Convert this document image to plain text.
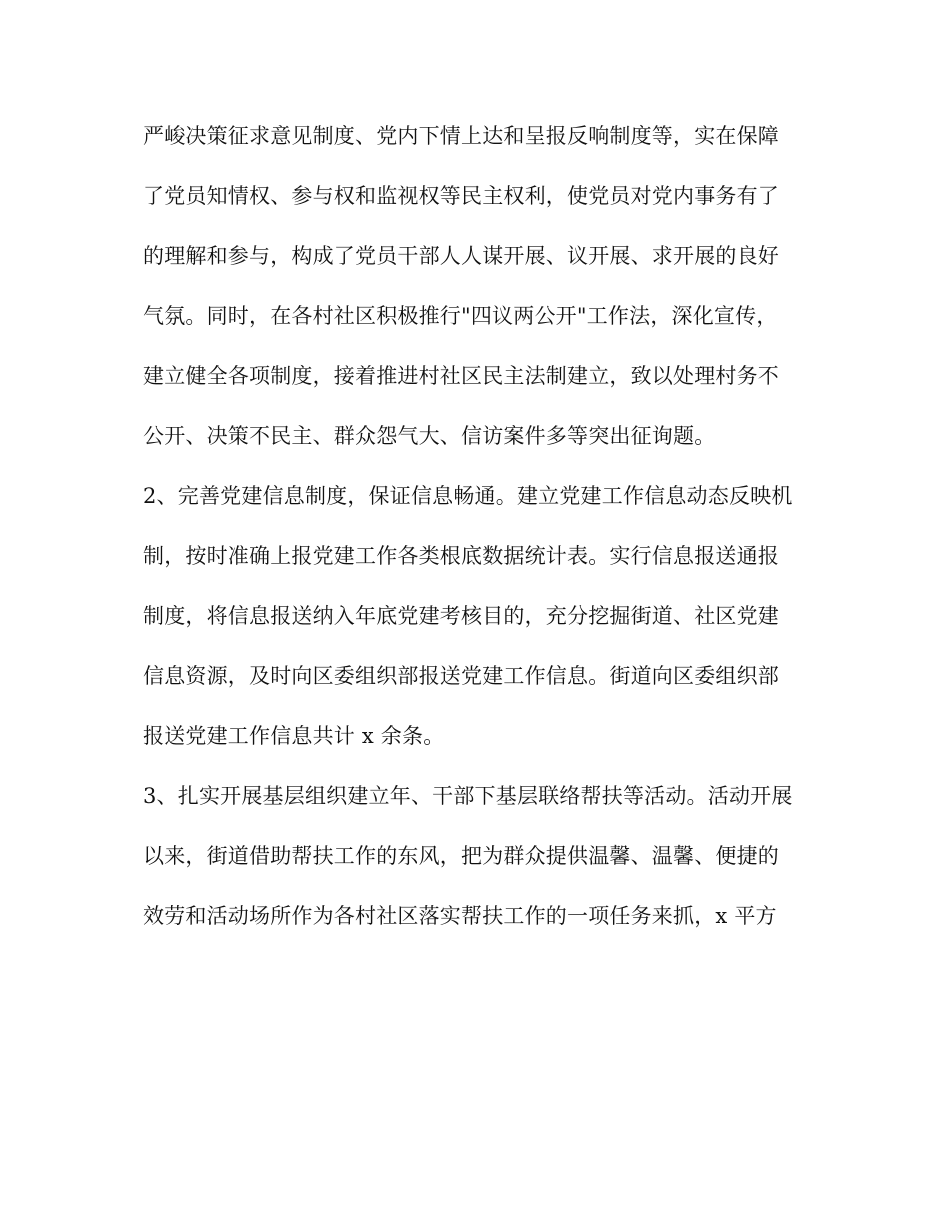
严峻决策征求意见制度、党内下情上达和呈报反响制度等，实在保障
了党员知情权、参与权和监视权等民主权利，使党员对党内事务有了
的理解和参与，构成了党员干部人人谋开展、议开展、求开展的良好
气氛。同时，在各村社区积极推行"四议两公开"工作法，深化宣传，
建立健全各项制度，接着推进村社区民主法制建立，致以处理村务不
公开、决策不民主、群众怨气大、信访案件多等突出征询题。
2、完善党建信息制度，保证信息畅通。建立党建工作信息动态反映机
制，按时准确上报党建工作各类根底数据统计表。实行信息报送通报
制度，将信息报送纳入年底党建考核目的，充分挖掘街道、社区党建
信息资源，及时向区委组织部报送党建工作信息。街道向区委组织部
报送党建工作信息共计 x 余条。
3、扎实开展基层组织建立年、干部下基层联络帮扶等活动。活动开展
以来，街道借助帮扶工作的东风，把为群众提供温馨、温馨、便捷的
效劳和活动场所作为各村社区落实帮扶工作的一项任务来抓，x 平方
